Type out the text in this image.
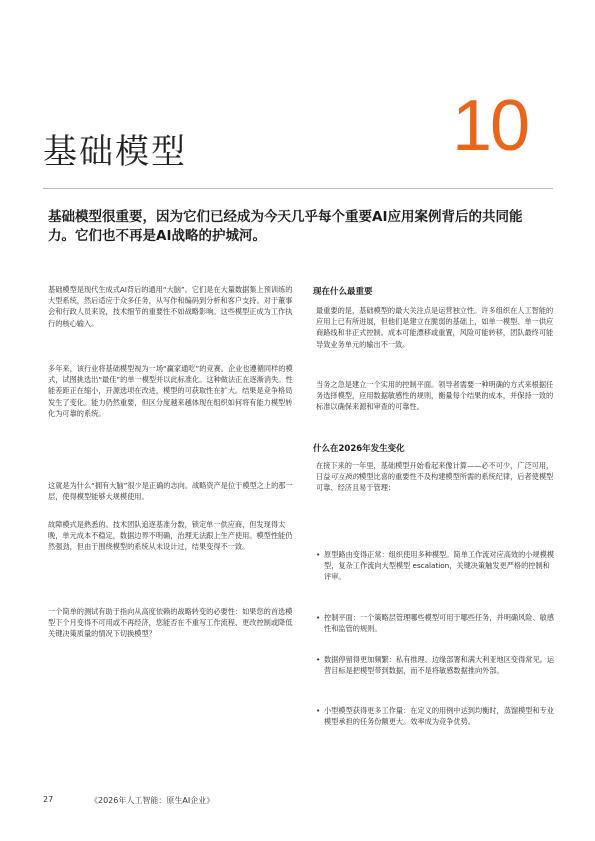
基础模型	10

基础模型很重要，因为它们已经成为今天几乎每个重要AI应用案例背后的共同能力。它们也不再是AI战略的护城河。

基础模型是现代生成式AI背后的通用“大脑”。它们是在大量数据集上预训练的大型系统，然后适应于众多任务，从写作和编码到分析和客户支持。对于董事会和行政人员来说，技术细节的重要性不如战略影响。这些模型正成为工作执行的核心输入。

多年来，该行业将基础模型视为一场“赢家通吃”的竞赛。企业也遵循同样的模式，试图挑选出“最佳”的单一模型并以此标准化。这种做法正在逐渐消失。性能差距正在缩小，开源选项在改进，模型的可获取性在扩大。结果是竞争格局发生了变化。能力仍然重要，但区分度越来越体现在组织如何将有能力模型转化为可靠的系统。

这就是为什么“拥有大脑”很少是正确的志向。战略资产是位于模型之上的那一层，使得模型能够大规模使用。

故障模式是熟悉的。技术团队追逐基准分数，锁定单一供应商，但发现得太晚，单元成本不稳定，数据边界不明确，治理无法跟上生产使用。模型性能仍然强劲，但由于围绕模型的系统从未设计过，结果变得不一致。

一个简单的测试有助于指向从高度依赖的战略转变的必要性：如果您的首选模型下个月变得不可用或不再经济，您能否在不重写工作流程、更改控制或降低关键决策质量的情况下切换模型？

现在什么最重要

最重要的是，基础模型的最大关注点是运营独立性。许多组织在人工智能的应用上已有所进展，但他们是建立在脆弱的基础上，如单一模型、单一供应商路线和非正式控制。成本可能漂移或重置，风险可能转移，团队最终可能导致业务单元的输出不一致。

当务之急是建立一个实用的控制平面。领导者需要一种明确的方式来根据任务选择模型，应用数据敏感性的规则，衡量每个结果的成本，并保持一致的标准以确保来源和审查的可靠性。

什么在2026年发生变化

在接下来的一年里，基础模型开始看起来像计算——必不可少，广泛可用，日益可互换的模型比喜的重要性不及构建模型所需的系统纪律，后者使模型可靠、经济且易于管理：

• 原型路由变得正常：组织使用多种模型。简单工作流对应高效的小规模模型，复杂工作流向大型模型 escalation，关键决策触发更严格的控制和评审。
• 控制平面：一个策略层管理哪些模型可用于哪些任务，并明确风险、敏感性和监管的规则。
• 数据停留得更加频繁：私有推理、边缘部署和满大利亚地区变得常见。运营目标是把模型带到数据，而不是将敏感数据推向外部。
• 小型模型获得更多工作量：在定义的用例中达到均衡时，蒸馏模型和专业模型承担的任务份额更大。效率成为竞争优势。
27	《2026年人工智能：原生AI企业》
